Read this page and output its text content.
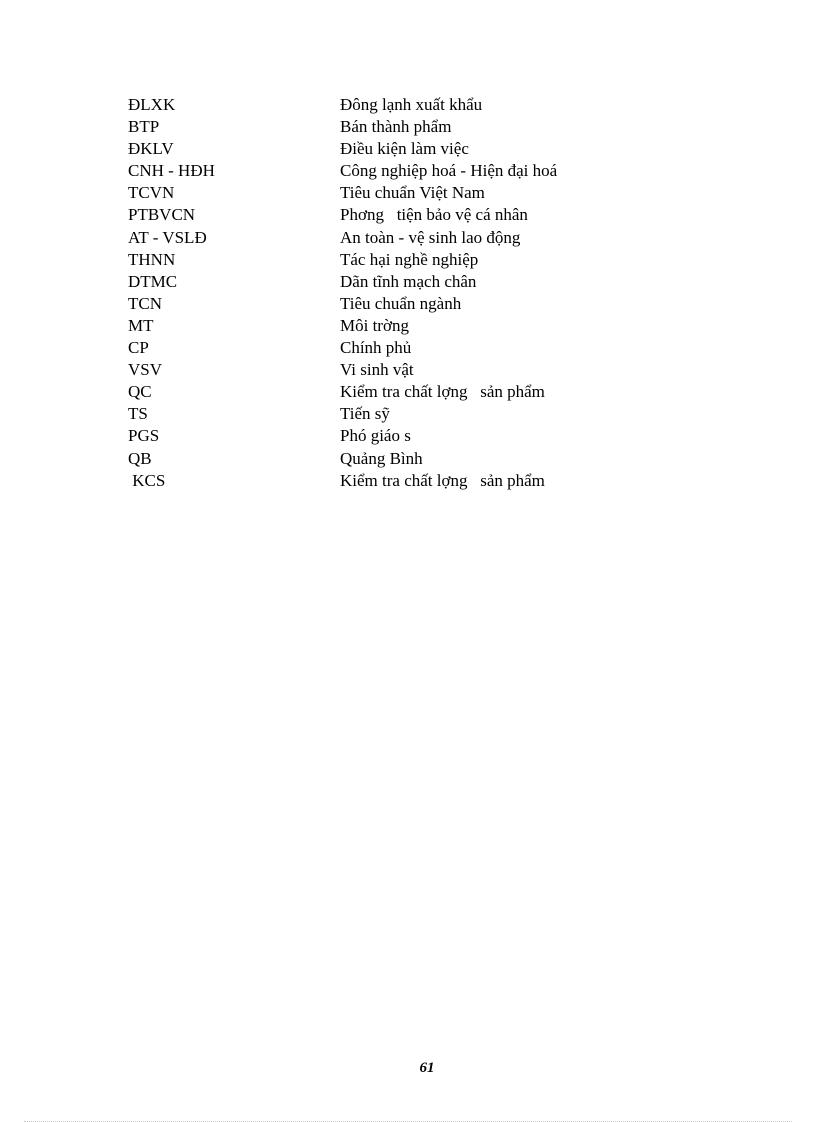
ĐLXK	Đông lạnh xuất khẩu
BTP	Bán thành phẩm
ĐKLV	Điều kiện làm việc
CNH - HĐH	Công nghiệp hoá - Hiện đại hoá
TCVN	Tiêu chuẩn Việt Nam
PTBVCN	Phơng   tiện bảo vệ cá nhân
AT - VSLĐ	An toàn - vệ sinh lao động
THNN	Tác hại nghề nghiệp
DTMC	Dãn tĩnh mạch chân
TCN	Tiêu chuẩn ngành
MT	Môi trờng
CP	Chính phủ
VSV	Vi sinh vật
QC	Kiểm tra chất lợng   sản phẩm
TS	Tiến sỹ
PGS	Phó giáo s
QB	Quảng Bình
KCS	Kiểm tra chất lợng   sản phẩm
61
